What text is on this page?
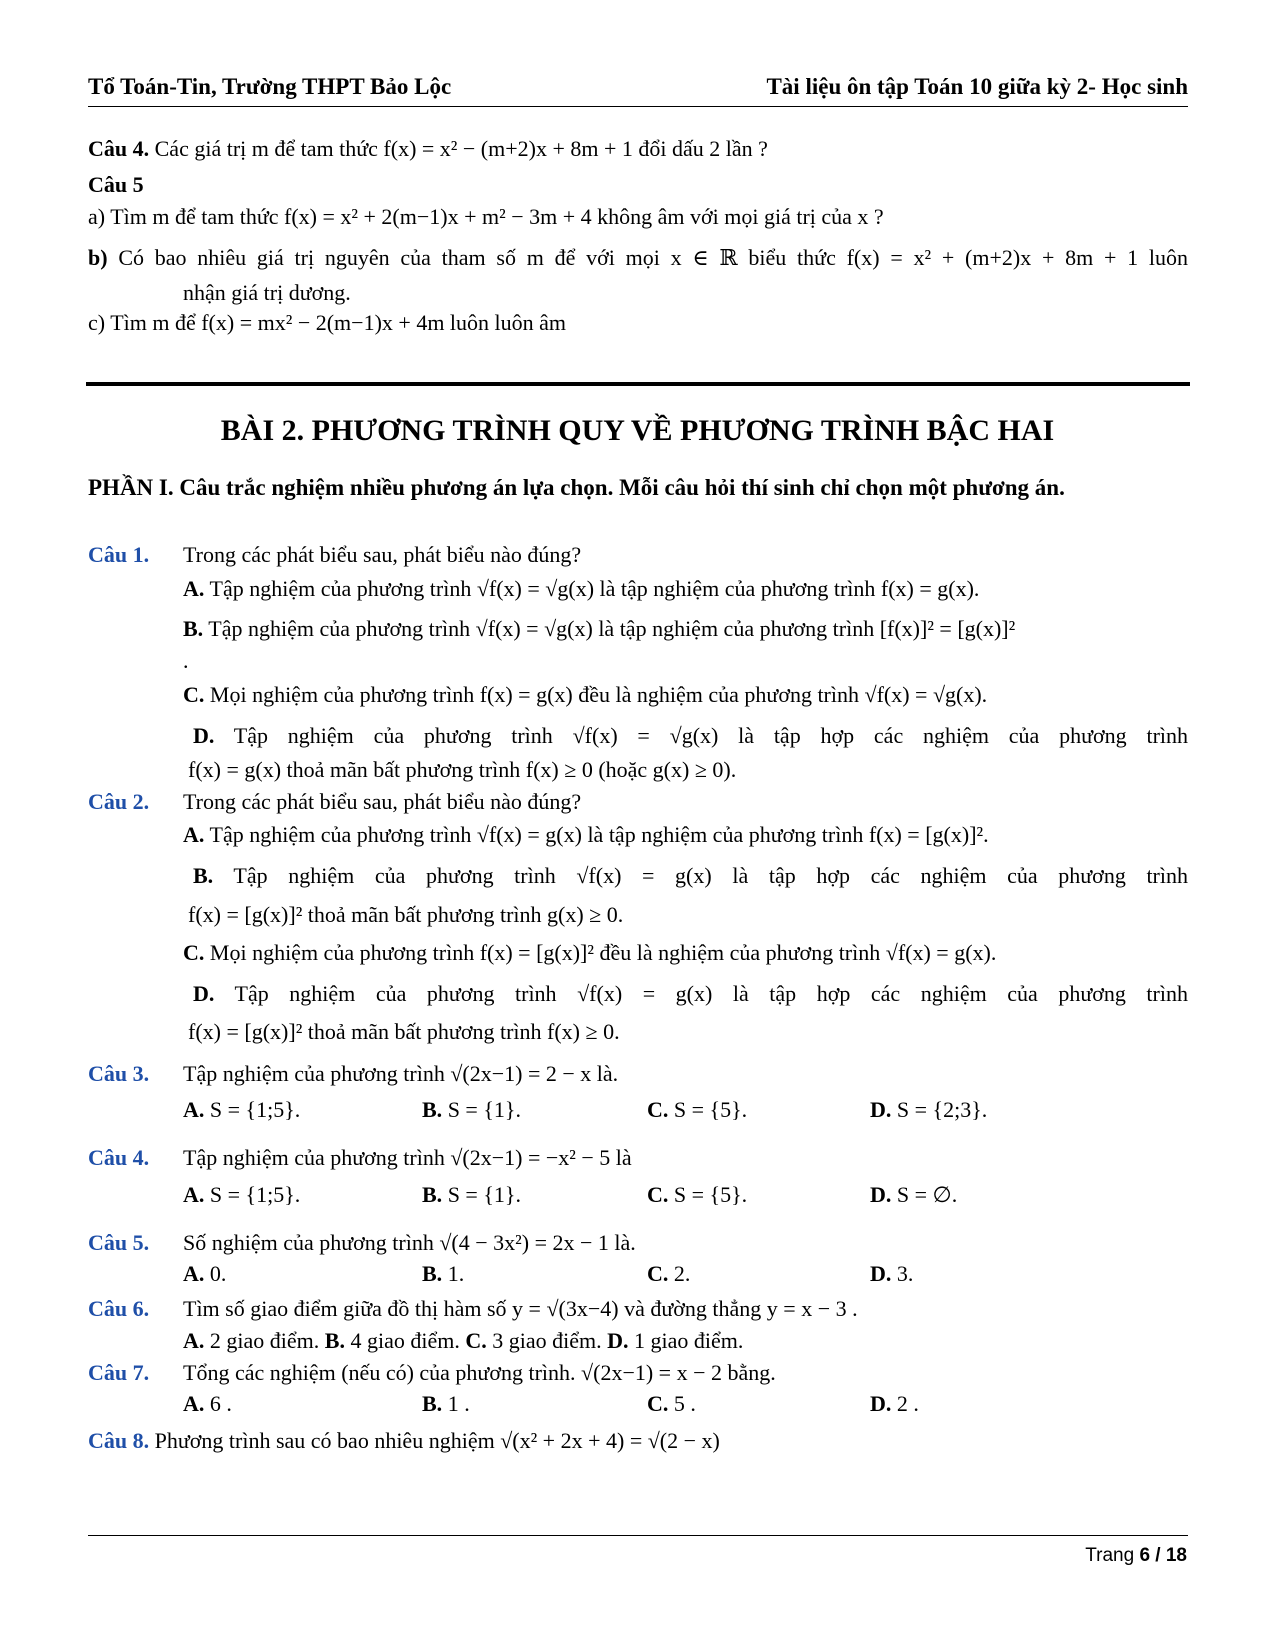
Tổ Toán-Tin, Trường THPT Bảo Lộc	Tài liệu ôn tập Toán 10 giữa kỳ 2- Học sinh
Câu 4. Các giá trị m để tam thức f(x) = x² − (m+2)x + 8m + 1 đổi dấu 2 lần ?
Câu 5
a) Tìm m để tam thức f(x) = x² + 2(m−1)x + m² − 3m + 4 không âm với mọi giá trị của x ?
b) Có bao nhiêu giá trị nguyên của tham số m để với mọi x ∈ ℝ biểu thức f(x) = x² + (m+2)x + 8m + 1 luôn
nhận giá trị dương.
c) Tìm m để f(x) = mx² − 2(m−1)x + 4m luôn luôn âm
BÀI 2. PHƯƠNG TRÌNH QUY VỀ PHƯƠNG TRÌNH BẬC HAI
PHẦN I. Câu trắc nghiệm nhiều phương án lựa chọn. Mỗi câu hỏi thí sinh chỉ chọn một phương án.
Câu 1. Trong các phát biểu sau, phát biểu nào đúng?
A. Tập nghiệm của phương trình √f(x) = √g(x) là tập nghiệm của phương trình f(x) = g(x).
B. Tập nghiệm của phương trình √f(x) = √g(x) là tập nghiệm của phương trình [f(x)]² = [g(x)]²
.
C. Mọi nghiệm của phương trình f(x) = g(x) đều là nghiệm của phương trình √f(x) = √g(x).
D. Tập nghiệm của phương trình √f(x) = √g(x) là tập hợp các nghiệm của phương trình
f(x) = g(x) thoả mãn bất phương trình f(x) ≥ 0 (hoặc g(x) ≥ 0).
Câu 2. Trong các phát biểu sau, phát biểu nào đúng?
A. Tập nghiệm của phương trình √f(x) = g(x) là tập nghiệm của phương trình f(x) = [g(x)]².
B. Tập nghiệm của phương trình √f(x) = g(x) là tập hợp các nghiệm của phương trình
f(x) = [g(x)]² thoả mãn bất phương trình g(x) ≥ 0.
C. Mọi nghiệm của phương trình f(x) = [g(x)]² đều là nghiệm của phương trình √f(x) = g(x).
D. Tập nghiệm của phương trình √f(x) = g(x) là tập hợp các nghiệm của phương trình
f(x) = [g(x)]² thoả mãn bất phương trình f(x) ≥ 0.
Câu 3. Tập nghiệm của phương trình √(2x−1) = 2 − x là.
A. S = {1;5}.	B. S = {1}.	C. S = {5}.	D. S = {2;3}.
Câu 4. Tập nghiệm của phương trình √(2x−1) = −x² − 5 là
A. S = {1;5}.	B. S = {1}.	C. S = {5}.	D. S = ∅.
Câu 5. Số nghiệm của phương trình √(4 − 3x²) = 2x − 1 là.
A. 0.	B. 1.	C. 2.	D. 3.
Câu 6. Tìm số giao điểm giữa đồ thị hàm số y = √(3x−4) và đường thẳng y = x − 3 .
A. 2 giao điểm. B. 4 giao điểm. C. 3 giao điểm. D. 1 giao điểm.
Câu 7. Tổng các nghiệm (nếu có) của phương trình. √(2x−1) = x − 2 bằng.
A. 6 .	B. 1 .	C. 5 .	D. 2 .
Câu 8. Phương trình sau có bao nhiêu nghiệm √(x² + 2x + 4) = √(2 − x)
Trang 6 / 18
